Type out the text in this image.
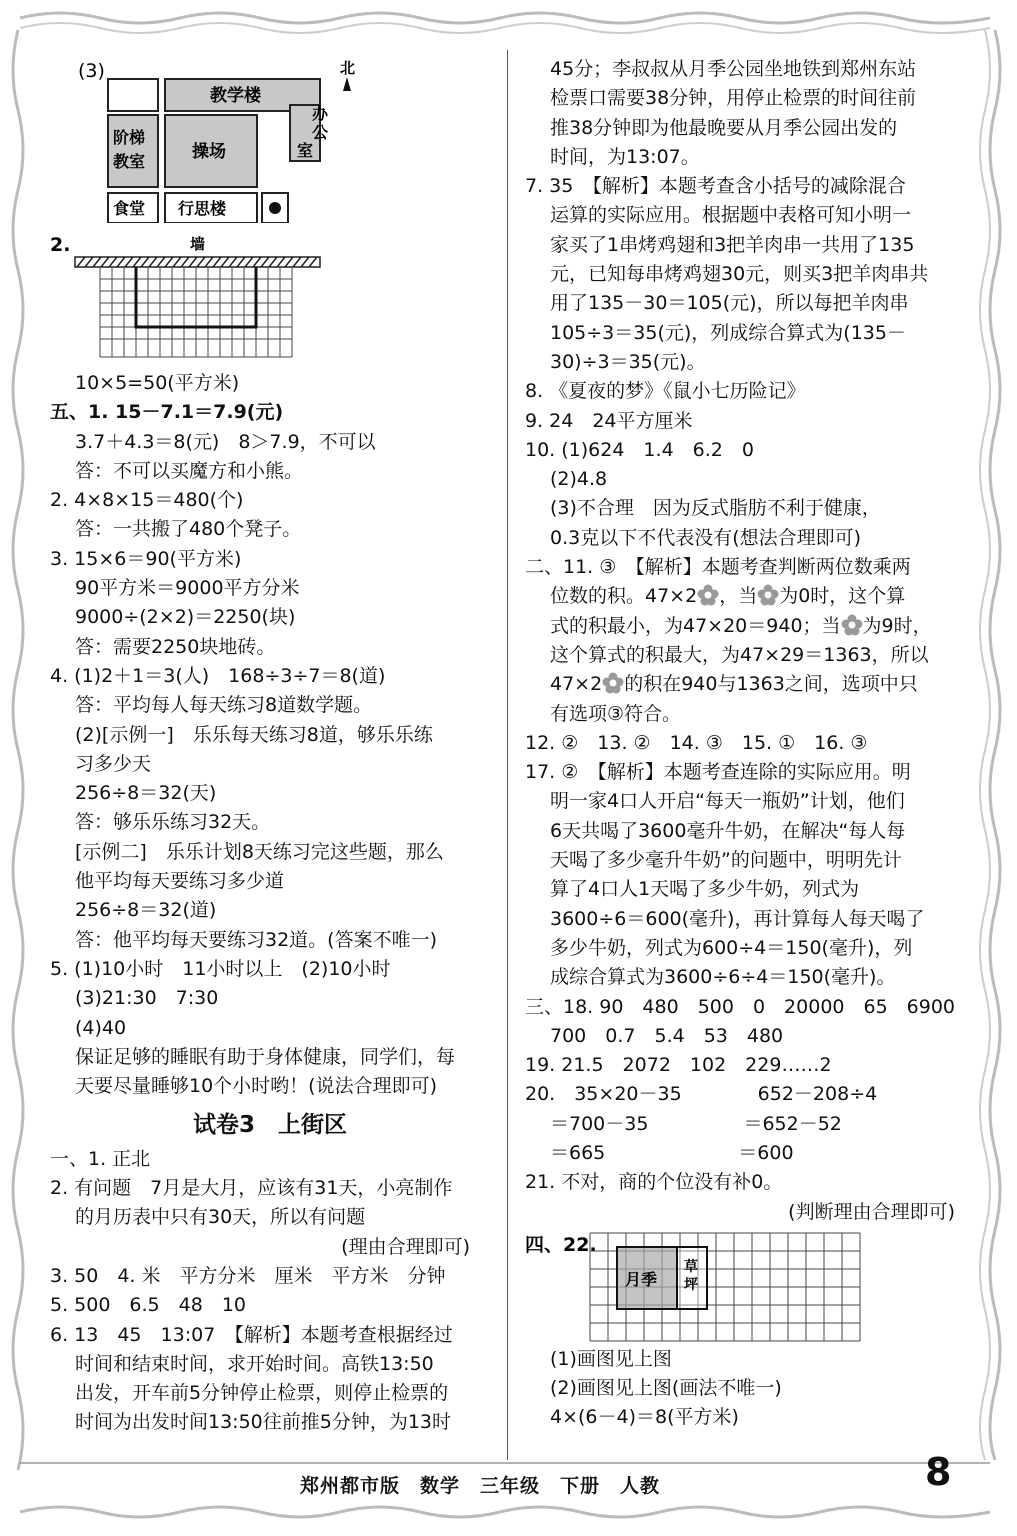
(3)	北
教学楼
办
公
室
阶梯
教室	操场
食堂 行思楼
2.	墙
10×5=50(平方米)
五、1. 15－7.1＝7.9(元)
3.7＋4.3＝8(元)　8＞7.9，不可以
答：不可以买魔方和小熊。
2. 4×8×15＝480(个)
答：一共搬了480个凳子。
3. 15×6＝90(平方米)
90平方米＝9000平方分米
9000÷(2×2)＝2250(块)
答：需要2250块地砖。
4. (1)2＋1＝3(人)　168÷3÷7＝8(道)
答：平均每人每天练习8道数学题。
(2)[示例一]　乐乐每天练习8道，够乐乐练
习多少天
256÷8＝32(天)
答：够乐乐练习32天。
[示例二]　乐乐计划8天练习完这些题，那么
他平均每天要练习多少道
256÷8＝32(道)
答：他平均每天要练习32道。(答案不唯一)
5. (1)10小时　11小时以上　(2)10小时
(3)21:30　7:30
(4)40
保证足够的睡眠有助于身体健康，同学们，每
天要尽量睡够10个小时哟！(说法合理即可)
试卷3　上街区
一、1. 正北
2. 有问题　7月是大月，应该有31天，小亮制作
的月历表中只有30天，所以有问题
(理由合理即可)
3. 50　4. 米　平方分米　厘米　平方米　分钟
5. 500　6.5　48　10
6. 13　45　13:07　【解析】本题考查根据经过
时间和结束时间，求开始时间。高铁13:50
出发，开车前5分钟停止检票，则停止检票的
时间为出发时间13:50往前推5分钟，为13时
45分；李叔叔从月季公园坐地铁到郑州东站
检票口需要38分钟，用停止检票的时间往前
推38分钟即为他最晚要从月季公园出发的
时间，为13:07。
7. 35　【解析】本题考查含小括号的减除混合
运算的实际应用。根据题中表格可知小明一
家买了1串烤鸡翅和3把羊肉串一共用了135
元，已知每串烤鸡翅30元，则买3把羊肉串共
用了135－30＝105(元)，所以每把羊肉串
105÷3＝35(元)，列成综合算式为(135－
30)÷3＝35(元)。
8. 《夏夜的梦》《鼠小七历险记》
9. 24　24平方厘米
10. (1)624　1.4　6.2　0
(2)4.8
(3)不合理　因为反式脂肪不利于健康，
0.3克以下不代表没有(想法合理即可)
二、11. ③　【解析】本题考查判断两位数乘两
位数的积。47×2 ，当 为0时，这个算
式的积最小，为47×20＝940；当 为9时，
这个算式的积最大，为47×29＝1363，所以
47×2 的积在940与1363之间，选项中只
有选项③符合。
12. ②　13. ②　14. ③　15. ①　16. ③
17. ②　【解析】本题考查连除的实际应用。明
明一家4口人开启“每天一瓶奶”计划，他们
6天共喝了3600毫升牛奶，在解决“每人每
天喝了多少毫升牛奶”的问题中，明明先计
算了4口人1天喝了多少牛奶，列式为
3600÷6＝600(毫升)，再计算每人每天喝了
多少牛奶，列式为600÷4＝150(毫升)，列
成综合算式为3600÷6÷4＝150(毫升)。
三、18. 90　480　500　0　20000　65　6900
700　0.7　5.4　53　480
19. 21.5　2072　102　229……2
20.　35×20－35　　　　652－208÷4
＝700－35　　　　　＝652－52
＝665　　　　　　　＝600
21. 不对，商的个位没有补0。
(判断理由合理即可)
四、22.
月季
草
坪
(1)画图见上图
(2)画图见上图(画法不唯一)
4×(6－4)＝8(平方米)
郑州都市版　数学　三年级　下册　人教	8
